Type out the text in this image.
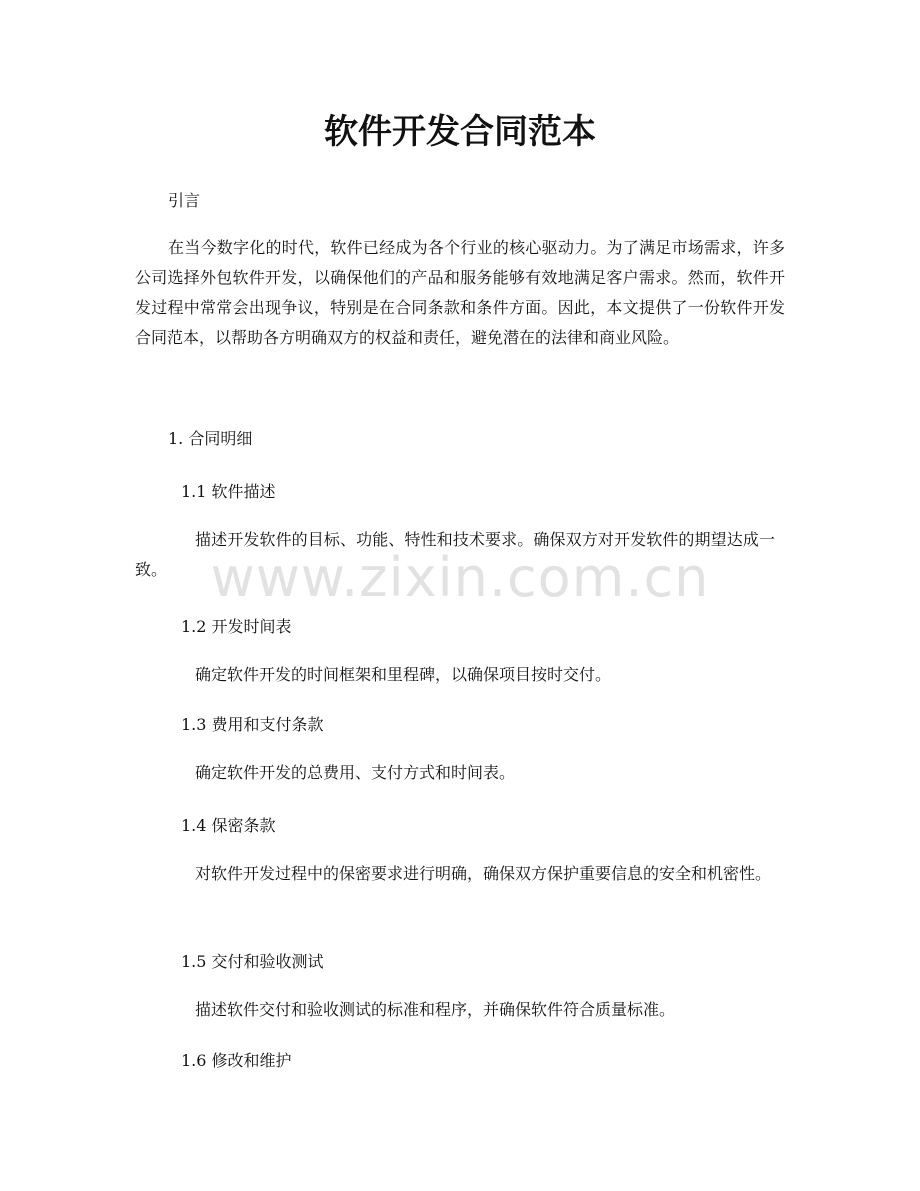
软件开发合同范本
引言
在当今数字化的时代，软件已经成为各个行业的核心驱动力。为了满足市场需求，许多公司选择外包软件开发，以确保他们的产品和服务能够有效地满足客户需求。然而，软件开发过程中常常会出现争议，特别是在合同条款和条件方面。因此，本文提供了一份软件开发合同范本，以帮助各方明确双方的权益和责任，避免潜在的法律和商业风险。
1. 合同明细
1.1 软件描述
描述开发软件的目标、功能、特性和技术要求。确保双方对开发软件的期望达成一致。
1.2 开发时间表
确定软件开发的时间框架和里程碑，以确保项目按时交付。
1.3 费用和支付条款
确定软件开发的总费用、支付方式和时间表。
1.4 保密条款
对软件开发过程中的保密要求进行明确，确保双方保护重要信息的安全和机密性。
1.5 交付和验收测试
描述软件交付和验收测试的标准和程序，并确保软件符合质量标准。
1.6 修改和维护
www.zixin.com.cn
